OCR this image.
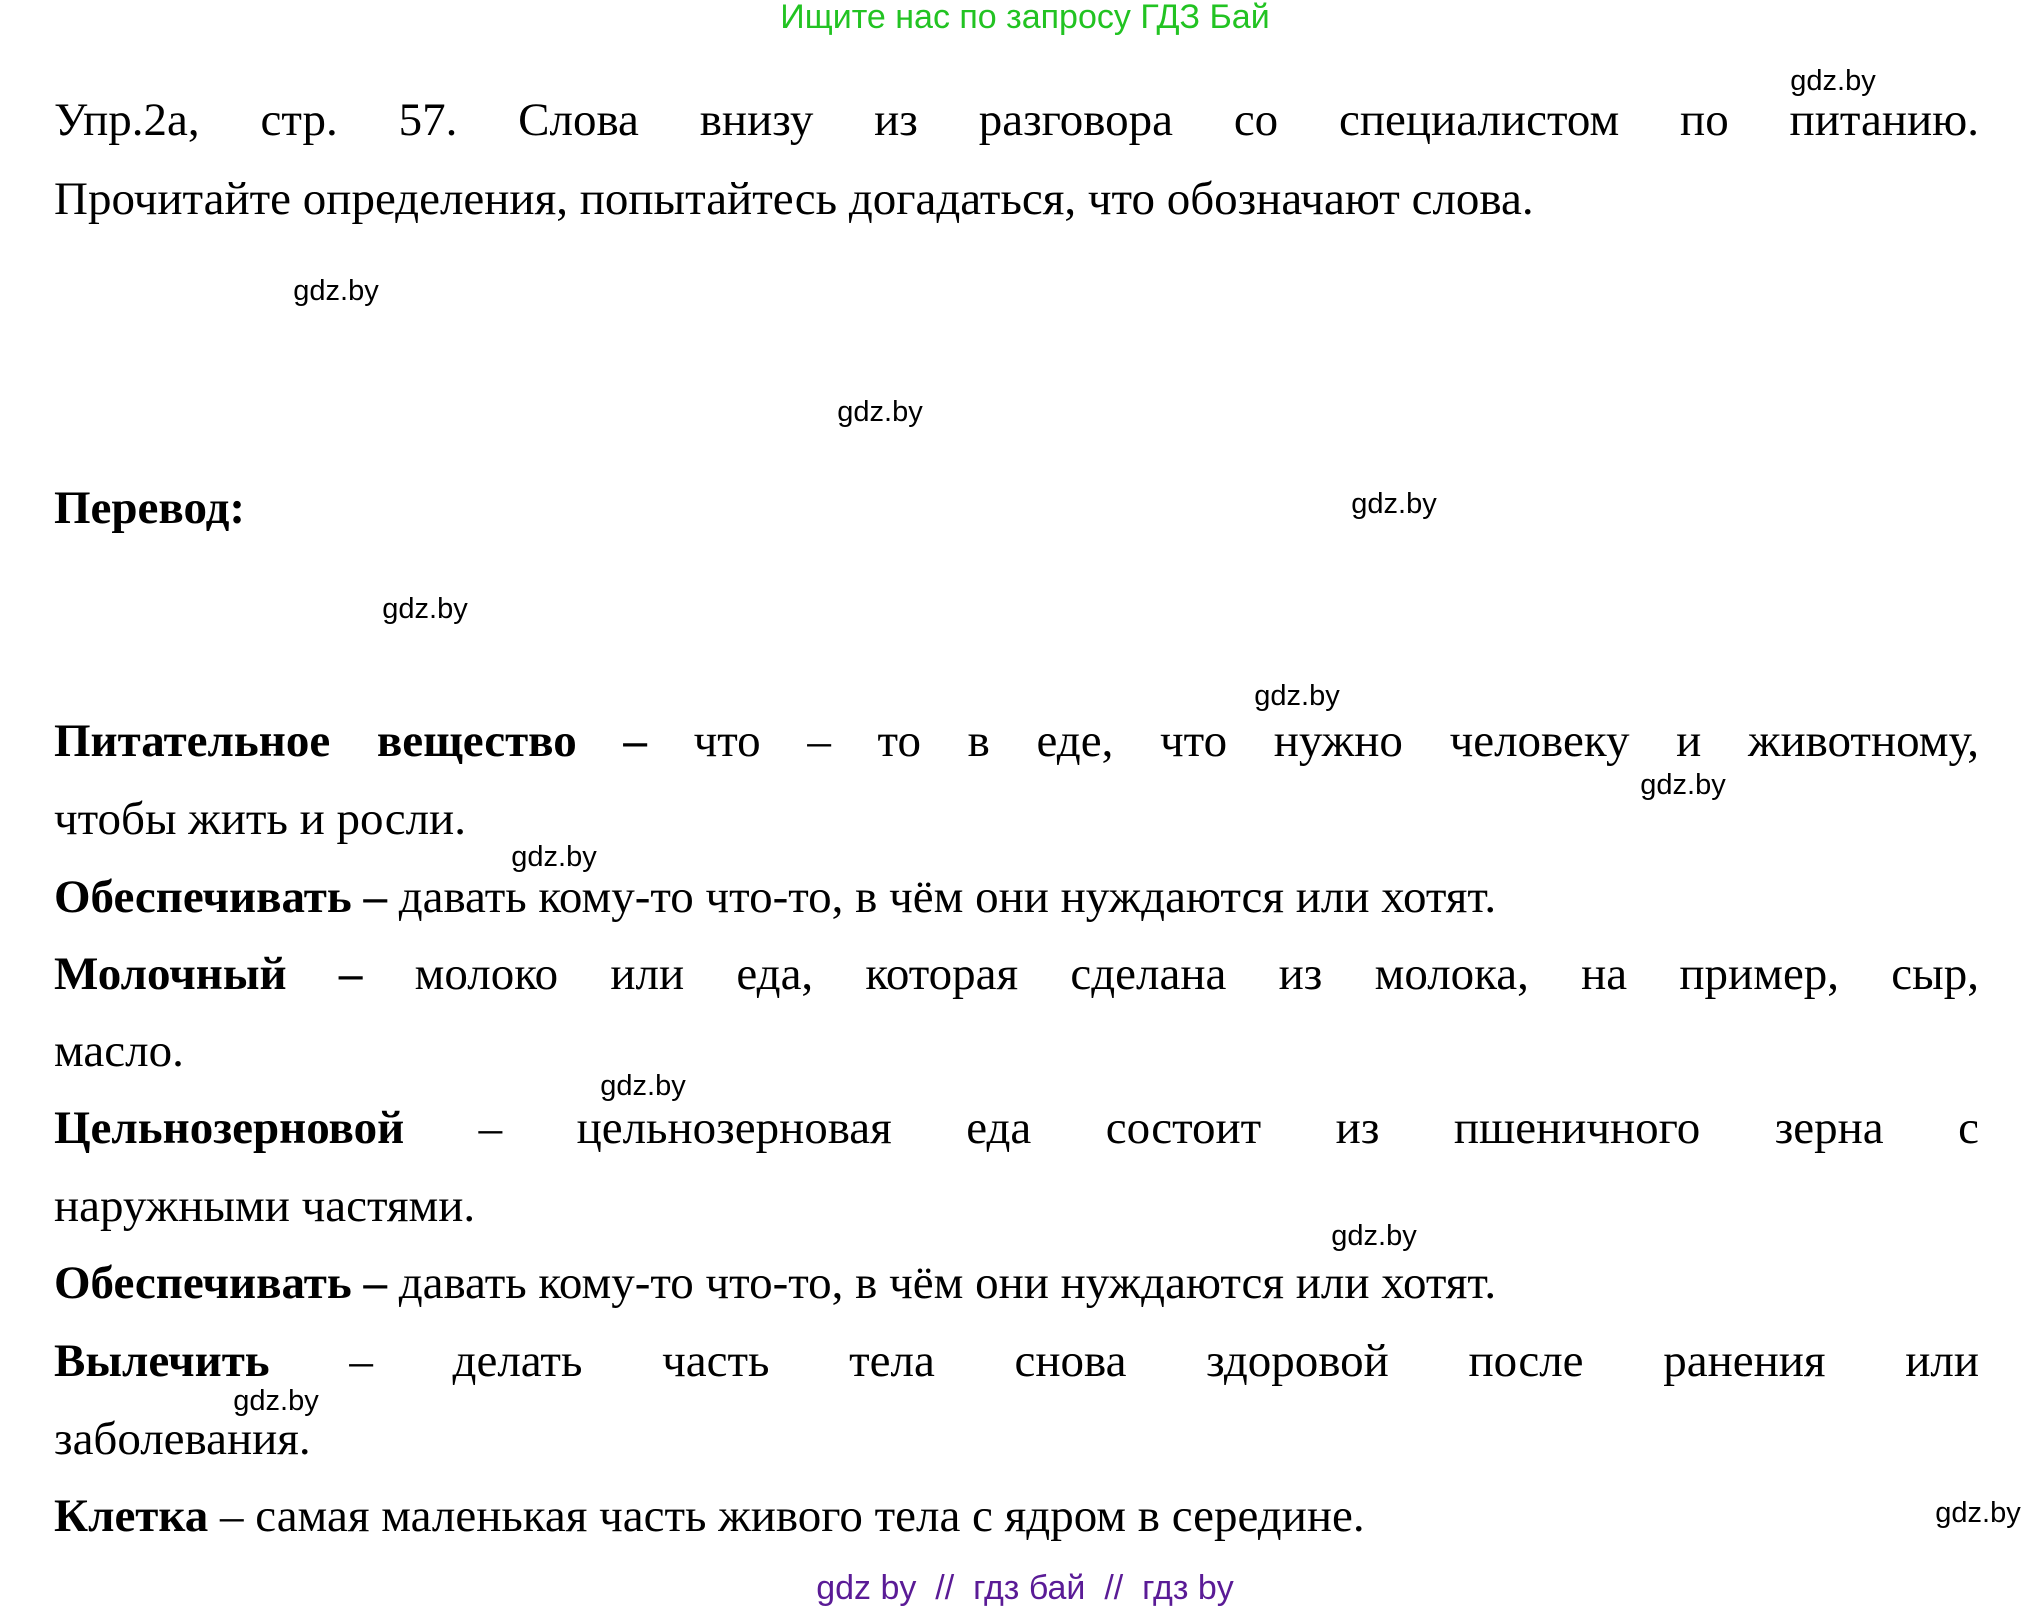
Ищите нас по запросу ГДЗ Бай
Упр.2а, стр. 57. Слова внизу из разговора со специалистом по питанию.
Прочитайте определения, попытайтесь догадаться, что обозначают слова.
Перевод:
Питательное вещество – что – то в еде, что нужно человеку и животному,
чтобы жить и росли.
Обеспечивать – давать кому-то что-то, в чём они нуждаются или хотят.
Молочный – молоко или еда, которая сделана из молока, на пример, сыр,
масло.
Цельнозерновой – цельнозерновая еда состоит из пшеничного зерна с
наружными частями.
Обеспечивать – давать кому-то что-то, в чём они нуждаются или хотят.
Вылечить – делать часть тела снова здоровой после ранения или
заболевания.
Клетка – самая маленькая часть живого тела с ядром в середине.
gdz.by
gdz.by
gdz.by
gdz.by
gdz.by
gdz.by
gdz.by
gdz.by
gdz.by
gdz.by
gdz.by
gdz.by
gdz by  //  гдз бай  //  гдз by
